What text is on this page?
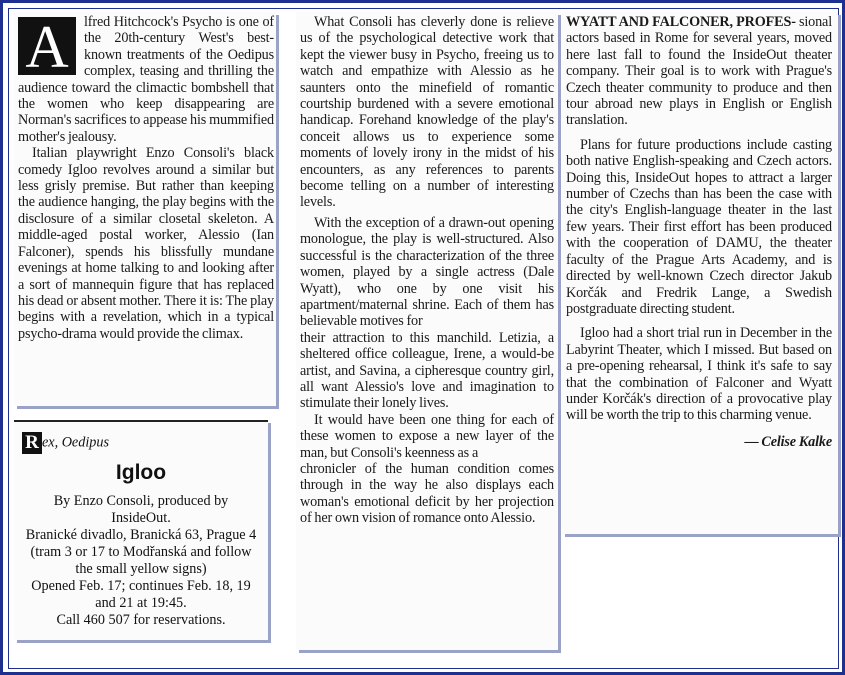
A	lfred Hitchcock's Psycho is one of the 20th-century West's best-known treatments of the Oedipus complex, teasing and thrilling the audience toward the climactic bombshell that the women who keep disappearing are Norman's sacrifices to appease his mummified mother's jealousy.

Italian playwright Enzo Consoli's black comedy Igloo revolves around a similar but less grisly premise. But rather than keeping the audience hanging, the play begins with the disclosure of a similar closetal skeleton. A middle-aged postal worker, Alessio (Ian Falconer), spends his blissfully mundane evenings at home talking to and looking after a sort of mannequin figure that has replaced his dead or absent mother. There it is: The play begins with a revelation, which in a typical psycho-drama would provide the climax.

R ex, Oedipus
Igloo

By Enzo Consoli, produced by

InsideOut.

Branické divadlo, Branická 63, Prague 4

(tram 3 or 17 to Modřanská and follow

the small yellow signs)

Opened Feb. 17; continues Feb. 18, 19

and 21 at 19:45.

Call 460 507 for reservations.

What Consoli has cleverly done is relieve us of the psychological detective work that kept the viewer busy in Psycho, freeing us to watch and empathize with Alessio as he saunters onto the minefield of romantic courtship burdened with a severe emotional handicap. Forehand knowledge of the play's conceit allows us to experience some moments of lovely irony in the midst of his encounters, as any references to parents become telling on a number of interesting levels.

With the exception of a drawn-out opening monologue, the play is well-structured. Also successful is the characterization of the three women, played by a single actress (Dale Wyatt), who one by one visit his apartment/maternal shrine. Each of them has believable motives for

their attraction to this manchild. Letizia, a sheltered office colleague, Irene, a would-be artist, and Savina, a cipheresque country girl, all want Alessio's love and imagination to stimulate their lonely lives.

It would have been one thing for each of these women to expose a new layer of the man, but Consoli's keenness as a

chronicler of the human condition comes through in the way he also displays each woman's emotional deficit by her projection of her own vision of romance onto Alessio.

WYATT AND FALCONER, PROFES- sional actors based in Rome for several years, moved here last fall to found the InsideOut theater company. Their goal is to work with Prague's Czech theater community to produce and then tour abroad new plays in English or English translation.

Plans for future productions include casting both native English-speaking and Czech actors. Doing this, InsideOut hopes to attract a larger number of Czechs than has been the case with the city's English-language theater in the last few years. Their first effort has been produced with the cooperation of DAMU, the theater faculty of the Prague Arts Academy, and is directed by well-known Czech director Jakub Korčák and Fredrik Lange, a Swedish postgraduate directing student.

Igloo had a short trial run in December in the Labyrint Theater, which I missed. But based on a pre-opening rehearsal, I think it's safe to say that the combination of Falconer and Wyatt under Korčák's direction of a provocative play will be worth the trip to this charming venue.

— Celise Kalke
